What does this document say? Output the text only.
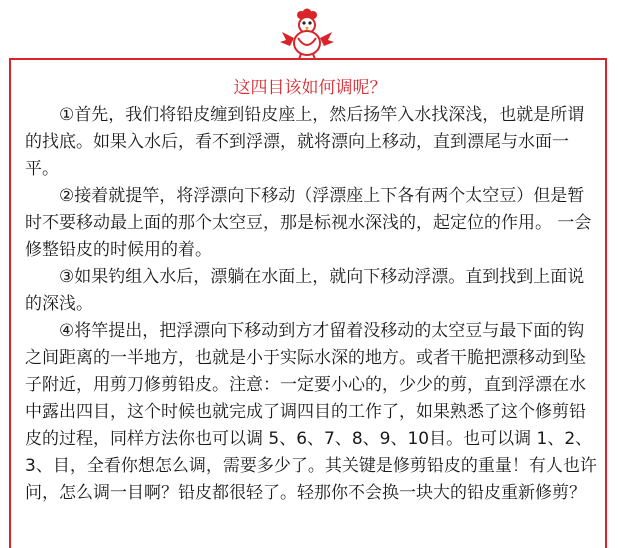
这四目该如何调呢？

①首先，我们将铅皮缠到铅皮座上，然后扬竿入水找深浅，也就是所谓的找底。如果入水后，看不到浮漂，就将漂向上移动，直到漂尾与水面一平。

②接着就提竿，将浮漂向下移动（浮漂座上下各有两个太空豆）但是暂时不要移动最上面的那个太空豆，那是标视水深浅的，起定位的作用。 一会修整铅皮的时候用的着。

③如果钓组入水后，漂躺在水面上，就向下移动浮漂。直到找到上面说的深浅。

④将竿提出，把浮漂向下移动到方才留着没移动的太空豆与最下面的钩之间距离的一半地方，也就是小于实际水深的地方。或者干脆把漂移动到坠子附近，用剪刀修剪铅皮。注意：一定要小心的，少少的剪，直到浮漂在水中露出四目，这个时候也就完成了调四目的工作了，如果熟悉了这个修剪铅皮的过程，同样方法你也可以调 5、6、7、8、9、10目。也可以调 1、2、3、目，全看你想怎么调，需要多少了。其关键是修剪铅皮的重量！有人也许问，怎么调一目啊？铅皮都很轻了。轻那你不会换一块大的铅皮重新修剪？
